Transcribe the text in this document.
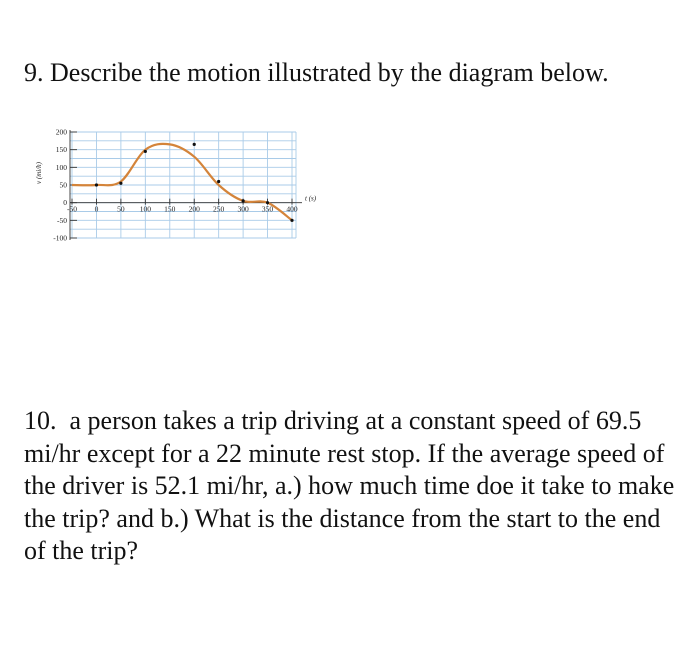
9. Describe the motion illustrated by the diagram below.

200
150
100
50
0
-50
-100
-50 0	50 100 150 200 250 300 350 400
v (mi/h)
t (s)

10. a person takes a trip driving at a constant speed of 69.5 mi/hr except for a 22 minute rest stop. If the average speed of the driver is 52.1 mi/hr, a.) how much time doe it take to make the trip? and b.) What is the distance from the start to the end of the trip?
